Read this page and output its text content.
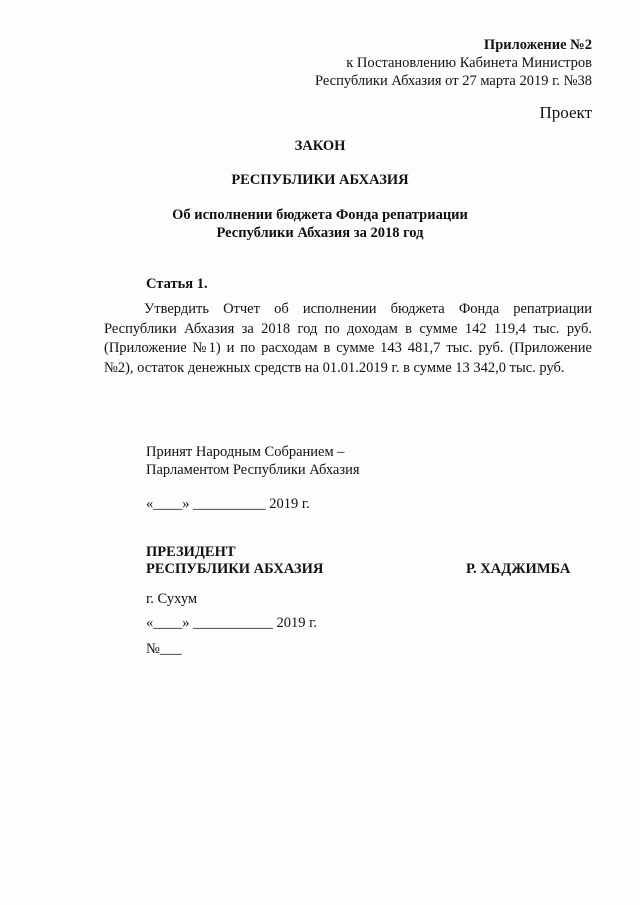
Приложение №2
к Постановлению Кабинета Министров
Республики Абхазия от 27 марта 2019 г. №38
Проект
ЗАКОН
РЕСПУБЛИКИ АБХАЗИЯ
Об исполнении бюджета Фонда репатриации
Республики Абхазия за 2018 год
Статья 1.
Утвердить Отчет об исполнении бюджета Фонда репатриации Республики Абхазия за 2018 год по доходам в сумме 142 119,4 тыс. руб. (Приложение №1) и по расходам в сумме 143 481,7 тыс. руб. (Приложение №2), остаток денежных средств на 01.01.2019 г. в сумме 13 342,0 тыс. руб.
Принят Народным Собранием –
Парламентом Республики Абхазия
«____» __________ 2019 г.
ПРЕЗИДЕНТ
РЕСПУБЛИКИ АБХАЗИЯ	Р. ХАДЖИМБА
г. Сухум
«____» ___________ 2019 г.
№___
